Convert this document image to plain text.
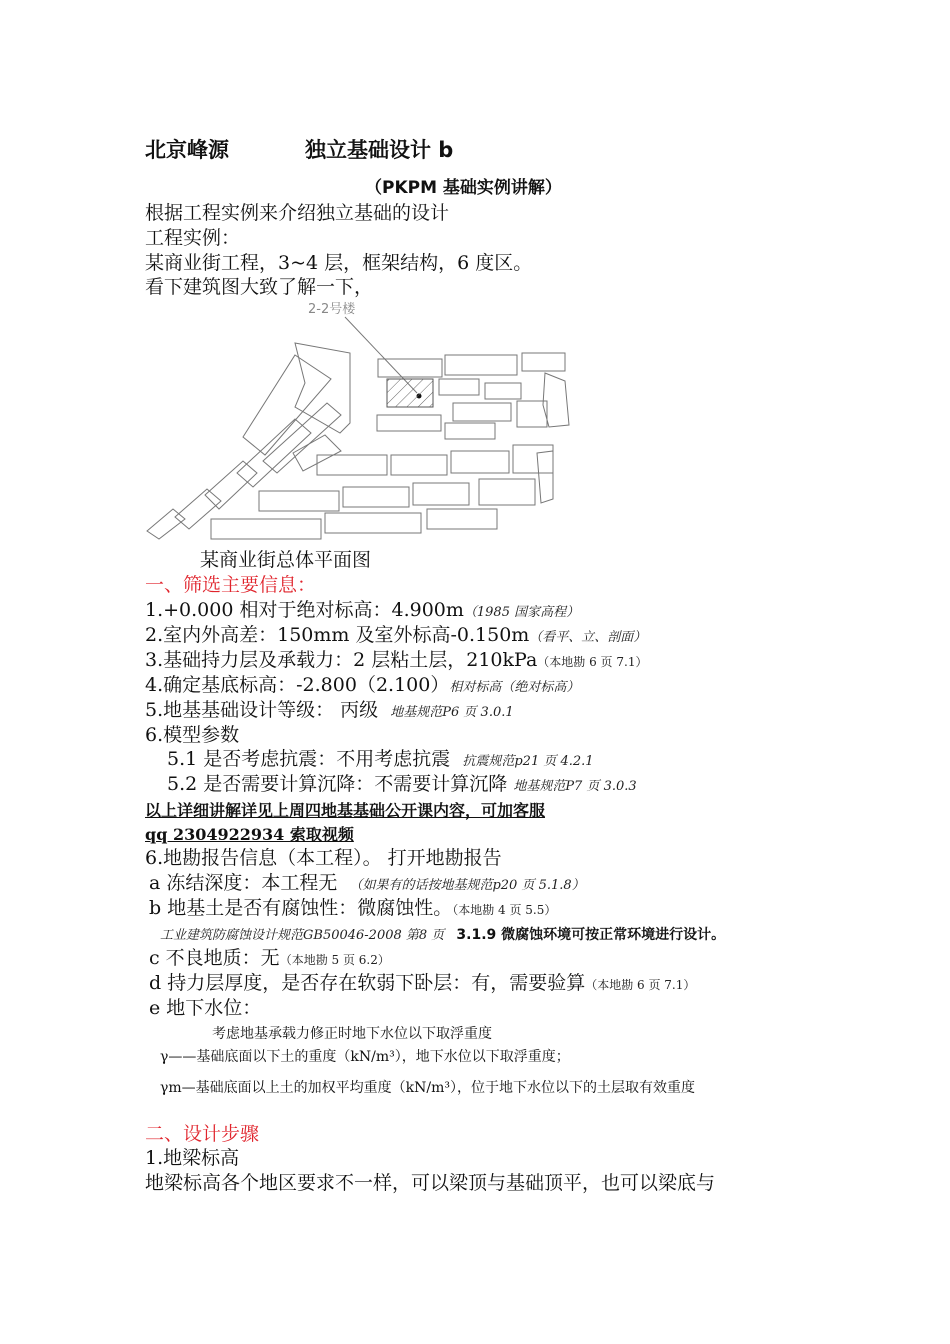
北京峰源	独立基础设计 b
（PKPM 基础实例讲解）
根据工程实例来介绍独立基础的设计
工程实例：
某商业街工程，3~4 层，框架结构，6 度区。
看下建筑图大致了解一下，
2-2号楼
某商业街总体平面图
一、筛选主要信息：
1.+0.000 相对于绝对标高：4.900m（1985 国家高程）
2.室内外高差：150mm 及室外标高-0.150m（看平、立、剖面）
3.基础持力层及承载力：2 层粘土层，210kPa（本地勘 6 页 7.1）
4.确定基底标高：-2.800（2.100）相对标高（绝对标高）
5.地基基础设计等级： 丙级 地基规范P6 页 3.0.1
6.模型参数
5.1 是否考虑抗震：不用考虑抗震 抗震规范p21 页 4.2.1
5.2 是否需要计算沉降：不需要计算沉降 地基规范P7 页 3.0.3
以上详细讲解详见上周四地基基础公开课内容，可加客服
qq 2304922934 索取视频
6.地勘报告信息（本工程）。 打开地勘报告
a 冻结深度：本工程无 （如果有的话按地基规范p20 页 5.1.8）
b 地基土是否有腐蚀性：微腐蚀性。（本地勘 4 页 5.5）
工业建筑防腐蚀设计规范GB50046-2008 第8 页 3.1.9 微腐蚀环境可按正常环境进行设计。
c 不良地质：无（本地勘 5 页 6.2）
d 持力层厚度，是否存在软弱下卧层：有，需要验算（本地勘 6 页 7.1）
e 地下水位：
考虑地基承载力修正时地下水位以下取浮重度
γ——基础底面以下土的重度（kN/m³），地下水位以下取浮重度；
γm—基础底面以上土的加权平均重度（kN/m³），位于地下水位以下的土层取有效重度
二、设计步骤
1.地梁标高
地梁标高各个地区要求不一样，可以梁顶与基础顶平，也可以梁底与
